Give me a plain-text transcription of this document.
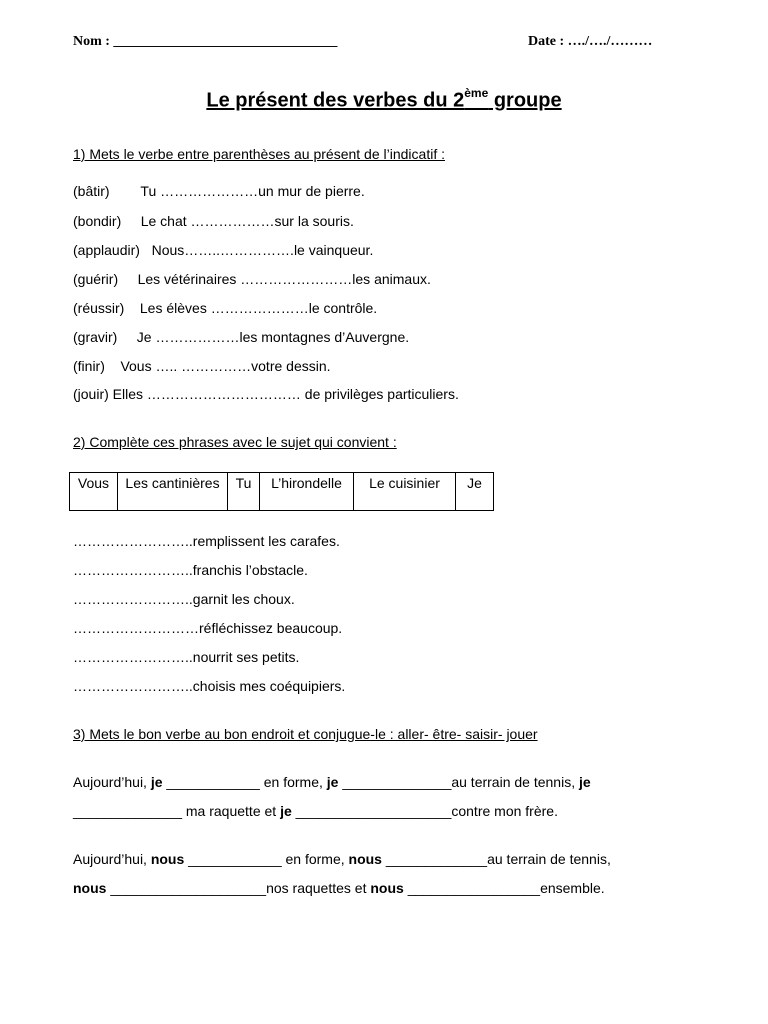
Nom : ________________________________	Date : …./…./………
Le présent des verbes du 2ème groupe
1) Mets le verbe entre parenthèses au présent de l’indicatif :
(bâtir)        Tu …………………un mur de pierre.
(bondir)     Le chat ………………sur la souris.
(applaudir)   Nous……..…………….le vainqueur.
(guérir)     Les vétérinaires ……………………les animaux.
(réussir)    Les élèves …………………le contrôle.
(gravir)     Je ………………les montagnes d’Auvergne.
(finir)    Vous ….. ……………votre dessin.
(jouir) Elles …………………………… de privilèges particuliers.
2) Complète ces phrases avec le sujet qui convient :
Vous	Les cantinières	Tu	L’hirondelle	Le cuisinier	Je
……………………..remplissent les carafes.
……………………..franchis l’obstacle.
……………………..garnit les choux.
………………………réfléchissez beaucoup.
……………………..nourrit ses petits.
……………………..choisis mes coéquipiers.
3) Mets le bon verbe au bon endroit et conjugue-le : aller- être- saisir- jouer
Aujourd’hui, je ____________ en forme, je ______________au terrain de tennis, je
______________ ma raquette et je ____________________contre mon frère.
Aujourd’hui, nous ____________ en forme, nous _____________au terrain de tennis,
nous ____________________nos raquettes et nous _________________ensemble.
